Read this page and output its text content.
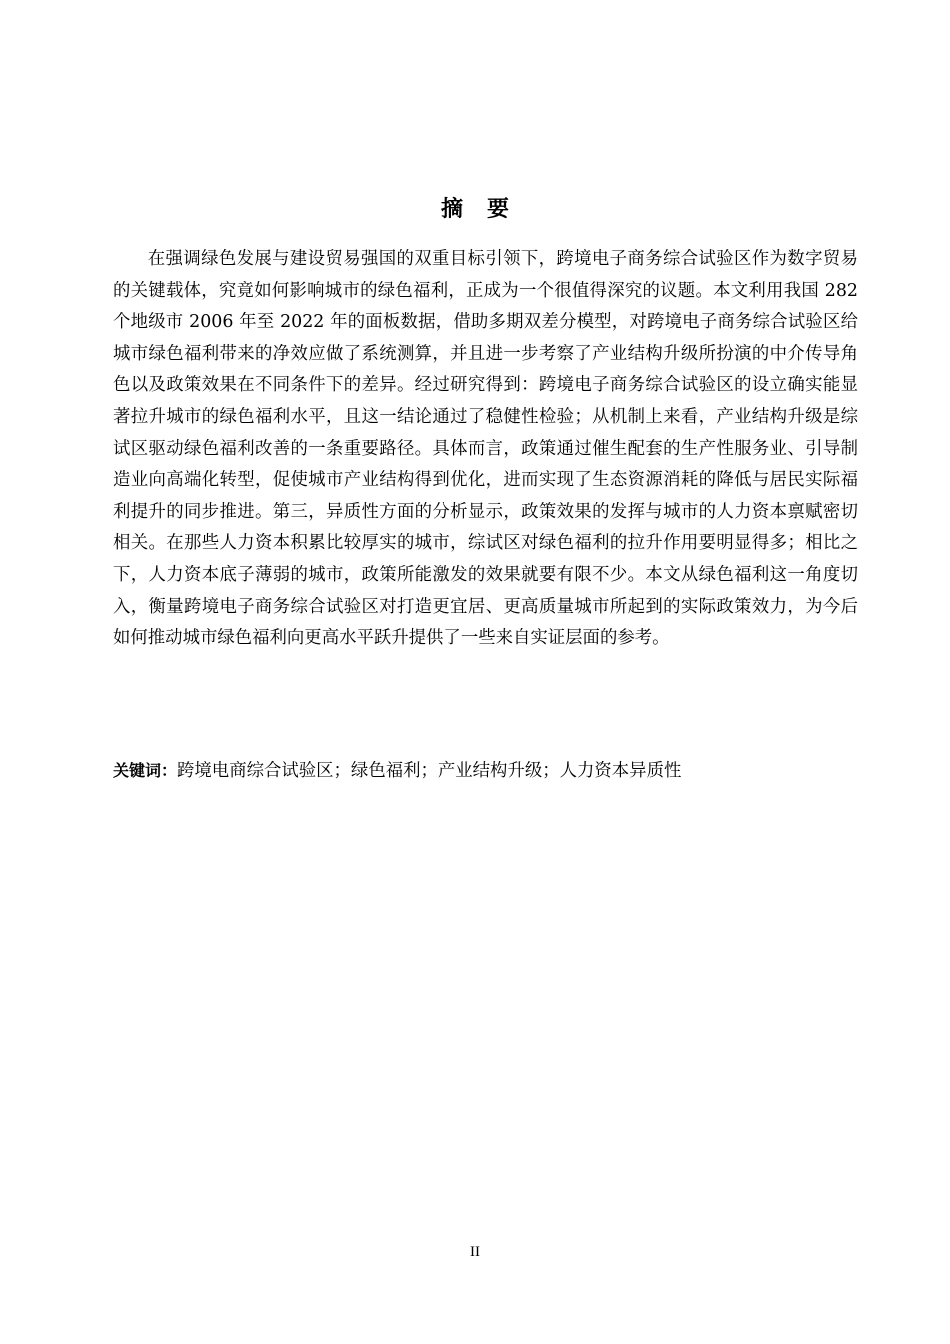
摘要

在强调绿色发展与建设贸易强国的双重目标引领下，跨境电子商务综合试验区作为数字贸易的关键载体，究竟如何影响城市的绿色福利，正成为一个很值得深究的议题。本文利用我国 282 个地级市 2006 年至 2022 年的面板数据，借助多期双差分模型，对跨境电子商务综合试验区给城市绿色福利带来的净效应做了系统测算，并且进一步考察了产业结构升级所扮演的中介传导角色以及政策效果在不同条件下的差异。经过研究得到：跨境电子商务综合试验区的设立确实能显著拉升城市的绿色福利水平，且这一结论通过了稳健性检验；从机制上来看，产业结构升级是综试区驱动绿色福利改善的一条重要路径。具体而言，政策通过催生配套的生产性服务业、引导制造业向高端化转型，促使城市产业结构得到优化，进而实现了生态资源消耗的降低与居民实际福利提升的同步推进。第三，异质性方面的分析显示，政策效果的发挥与城市的人力资本禀赋密切相关。在那些人力资本积累比较厚实的城市，综试区对绿色福利的拉升作用要明显得多；相比之下，人力资本底子薄弱的城市，政策所能激发的效果就要有限不少。本文从绿色福利这一角度切入，衡量跨境电子商务综合试验区对打造更宜居、更高质量城市所起到的实际政策效力，为今后如何推动城市绿色福利向更高水平跃升提供了一些来自实证层面的参考。

关键词：跨境电商综合试验区；绿色福利；产业结构升级；人力资本异质性

II
